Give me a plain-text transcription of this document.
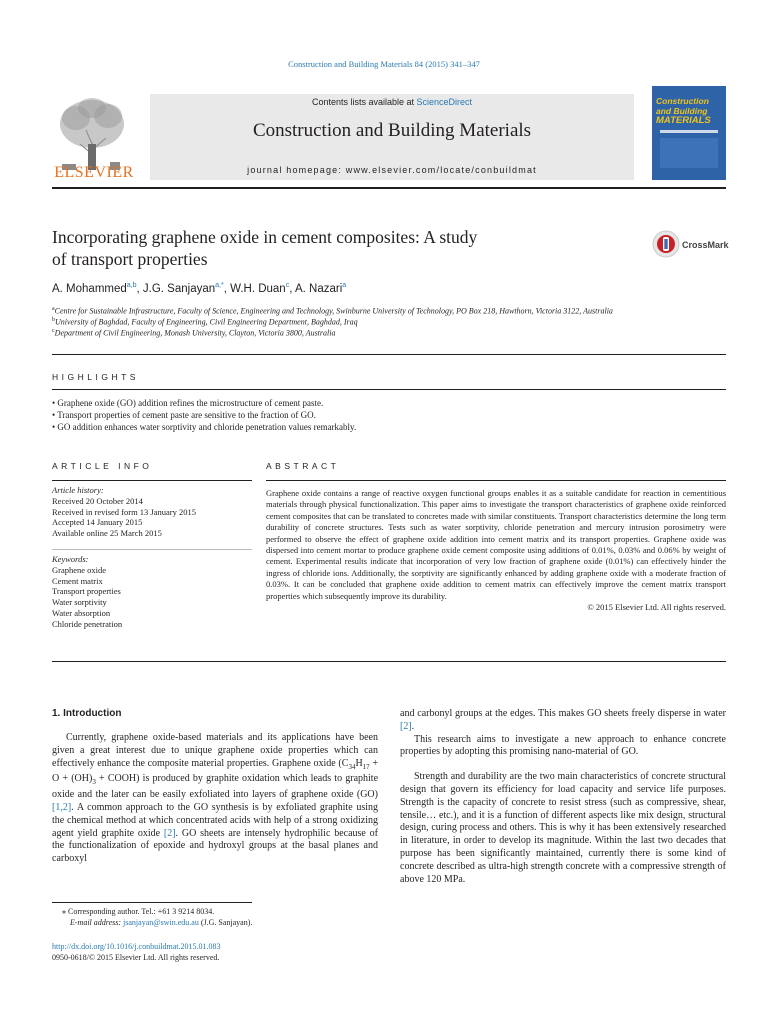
Construction and Building Materials 84 (2015) 341–347
ELSEVIER
Contents lists available at ScienceDirect
Construction and Building Materials
journal homepage: www.elsevier.com/locate/conbuildmat
Construction
and Building
MATERIALS
Incorporating graphene oxide in cement composites: A study
of transport properties
CrossMark
A. Mohammed$^{a,b}$, J.G. Sanjayan$^{a,*}$, W.H. Duan$^c$, A. Nazari$^a$
$^a$Centre for Sustainable Infrastructure, Faculty of Science, Engineering and Technology, Swinburne University of Technology, PO Box 218, Hawthorn, Victoria 3122, Australia
$^b$University of Baghdad, Faculty of Engineering, Civil Engineering Department, Baghdad, Iraq
$^c$Department of Civil Engineering, Monash University, Clayton, Victoria 3800, Australia
HIGHLIGHTS
• Graphene oxide (GO) addition refines the microstructure of cement paste.
• Transport properties of cement paste are sensitive to the fraction of GO.
• GO addition enhances water sorptivity and chloride penetration values remarkably.
ARTICLE INFO
Article history:
Received 20 October 2014
Received in revised form 13 January 2015
Accepted 14 January 2015
Available online 25 March 2015
Keywords:
Graphene oxide
Cement matrix
Transport properties
Water sorptivity
Water absorption
Chloride penetration
ABSTRACT
Graphene oxide contains a range of reactive oxygen functional groups enables it as a suitable candidate for reaction in cementitious materials through physical functionalization. This paper aims to investigate the transport characteristics of graphene oxide reinforced cement composites that can be translated to concretes made with similar constituents. Transport characteristics determine the long term durability of concrete structures. Tests such as water sorptivity, chloride penetration and mercury intrusion porosimetry were performed to observe the effect of graphene oxide addition into cement matrix and its transport properties. Graphene oxide was dispersed into cement mortar to produce graphene oxide cement composite using additions of 0.01%, 0.03% and 0.06% by weight of cement. Experimental results indicate that incorporation of very low fraction of graphene oxide (0.01%) can effectively hinder the ingress of chloride ions. Additionally, the sorptivity are significantly enhanced by adding graphene oxide with a moderate fraction of 0.03%. It can be concluded that graphene oxide addition to cement matrix can effectively improve the cement matrix transport properties which subsequently improve its durability.
© 2015 Elsevier Ltd. All rights reserved.
1. Introduction

Currently, graphene oxide-based materials and its applications have been given a great interest due to unique graphene oxide properties which can effectively enhance the composite material properties. Graphene oxide ($C_{34}H_{17} + O + (OH)_3$ + COOH) is produced by graphite oxidation which leads to graphite oxide and the later can be easily exfoliated into layers of graphene oxide (GO) [1,2]. A common approach to the GO synthesis is by exfoliated graphite using the chemical method at which concentrated acids with help of a strong oxidizing agent yield graphite oxide [2]. GO sheets are intensely hydrophilic because of the functionalization of epoxide and hydroxyl groups at the basal planes and carboxyl

and carbonyl groups at the edges. This makes GO sheets freely disperse in water [2].

This research aims to investigate a new approach to enhance concrete properties by adopting this promising nano-material of GO.

Strength and durability are the two main characteristics of concrete structural design that govern its efficiency for load capacity and service life purposes. Strength is the capacity of concrete to resist stress (such as compressive, shear, tensile… etc.), and it is a function of different aspects like mix design, structural design, curing process and others. This is why it has been extensively researched in literature, in order to develop its magnitude. Within the last two decades that purpose has been significantly maintained, currently there is some kind of concrete described as ultra-high strength concrete with a compressive strength of above 120 MPa.

⁎ Corresponding author. Tel.: +61 3 9214 8034.
E-mail address: jsanjayan@swin.edu.au (J.G. Sanjayan).
http://dx.doi.org/10.1016/j.conbuildmat.2015.01.083
0950-0618/© 2015 Elsevier Ltd. All rights reserved.
